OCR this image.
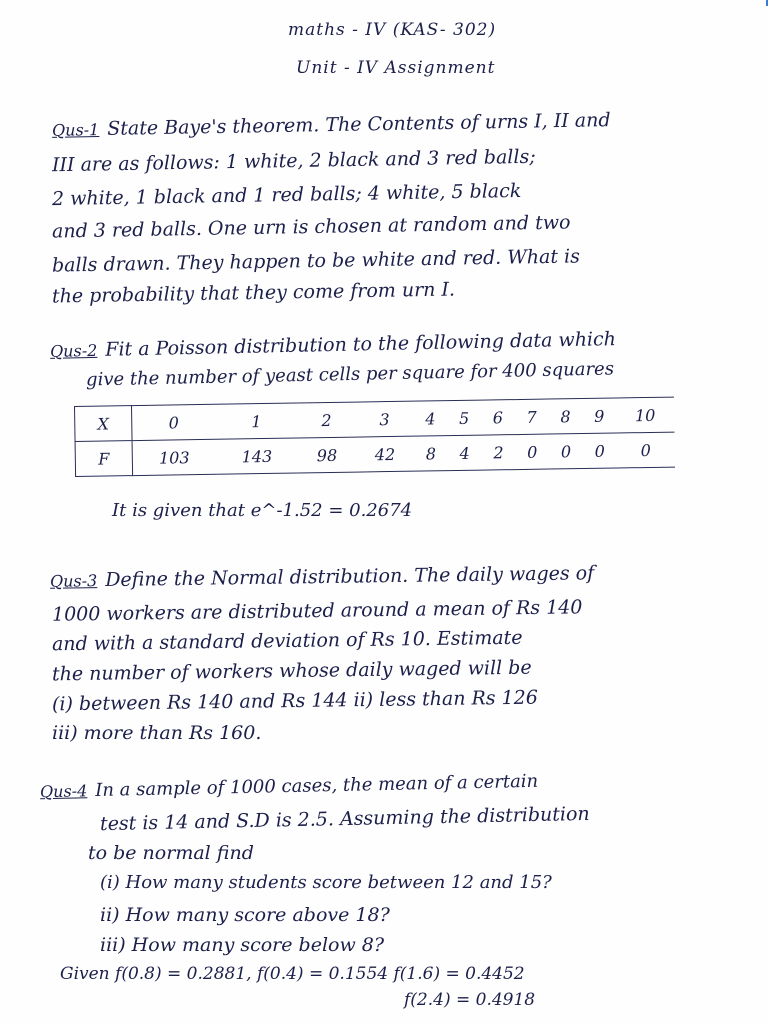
maths - IV (KAS- 302)
Unit - IV Assignment
Qus-1 State Baye's theorem. The Contents of urns I, II and
III are as follows: 1 white, 2 black and 3 red balls;
2 white, 1 black and 1 red balls; 4 white, 5 black
and 3 red balls. One urn is chosen at random and two
balls drawn. They happen to be white and red. What is
the probability that they come from urn I.
Qus-2 Fit a Poisson distribution to the following data which
give the number of yeast cells per square for 400 squares
X	0	1	2	3	4	5	6	7	8	9	10
F	103	143	98	42	8	4	2	0	0	0	0
It is given that e^-1.52 = 0.2674
Qus-3 Define the Normal distribution. The daily wages of
1000 workers are distributed around a mean of Rs 140
and with a standard deviation of Rs 10. Estimate
the number of workers whose daily waged will be
(i) between Rs 140 and Rs 144 ii) less than Rs 126
iii) more than Rs 160.
Qus-4 In a sample of 1000 cases, the mean of a certain
test is 14 and S.D is 2.5. Assuming the distribution
to be normal find
(i) How many students score between 12 and 15?
ii) How many score above 18?
iii) How many score below 8?
Given f(0.8) = 0.2881, f(0.4) = 0.1554 f(1.6) = 0.4452
f(2.4) = 0.4918
